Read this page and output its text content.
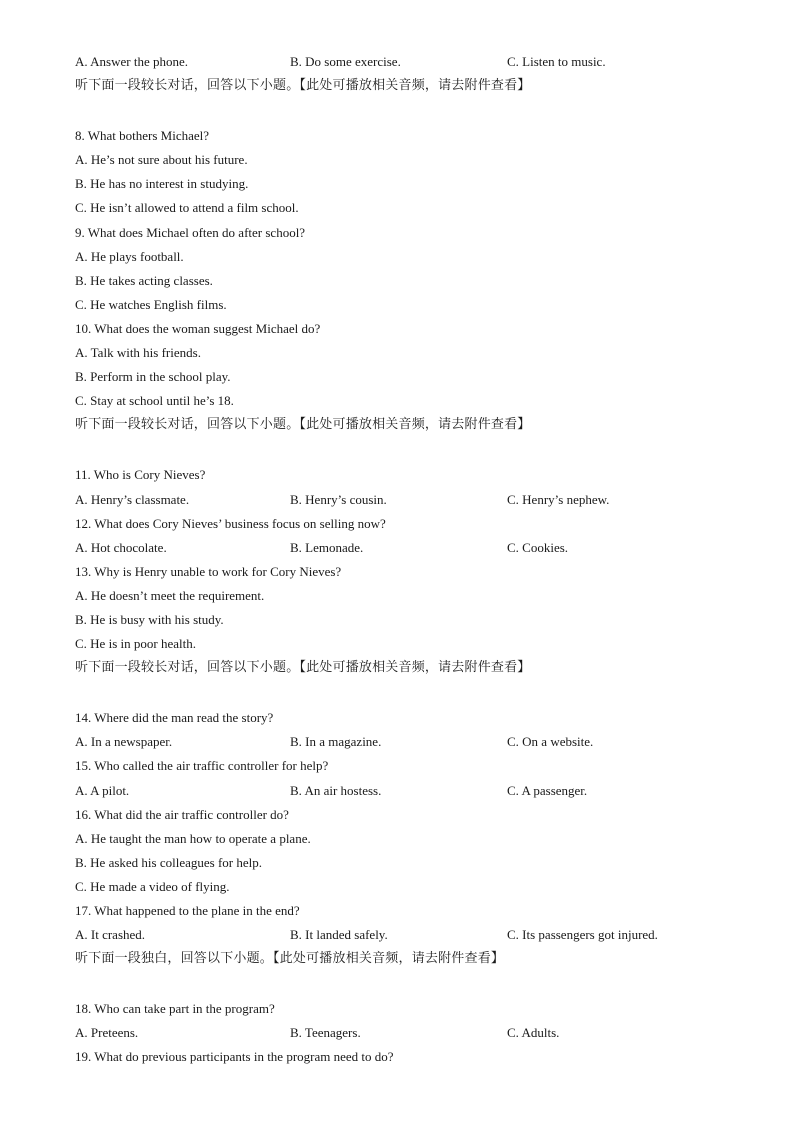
A. Answer the phone.	B. Do some exercise.	C. Listen to music.
听下面一段较长对话，回答以下小题。【此处可播放相关音频，请去附件查看】
8. What bothers Michael?
A. He’s not sure about his future.
B. He has no interest in studying.
C. He isn’t allowed to attend a film school.
9. What does Michael often do after school?
A. He plays football.
B. He takes acting classes.
C. He watches English films.
10. What does the woman suggest Michael do?
A. Talk with his friends.
B. Perform in the school play.
C. Stay at school until he’s 18.
听下面一段较长对话，回答以下小题。【此处可播放相关音频，请去附件查看】
11. Who is Cory Nieves?
A. Henry’s classmate.	B. Henry’s cousin.	C. Henry’s nephew.
12. What does Cory Nieves’ business focus on selling now?
A. Hot chocolate.	B. Lemonade.	C. Cookies.
13. Why is Henry unable to work for Cory Nieves?
A. He doesn’t meet the requirement.
B. He is busy with his study.
C. He is in poor health.
听下面一段较长对话，回答以下小题。【此处可播放相关音频，请去附件查看】
14. Where did the man read the story?
A. In a newspaper.	B. In a magazine.	C. On a website.
15. Who called the air traffic controller for help?
A. A pilot.	B. An air hostess.	C. A passenger.
16. What did the air traffic controller do?
A. He taught the man how to operate a plane.
B. He asked his colleagues for help.
C. He made a video of flying.
17. What happened to the plane in the end?
A. It crashed.	B. It landed safely.	C. Its passengers got injured.
听下面一段独白，回答以下小题。【此处可播放相关音频，请去附件查看】
18. Who can take part in the program?
A. Preteens.	B. Teenagers.	C. Adults.
19. What do previous participants in the program need to do?
